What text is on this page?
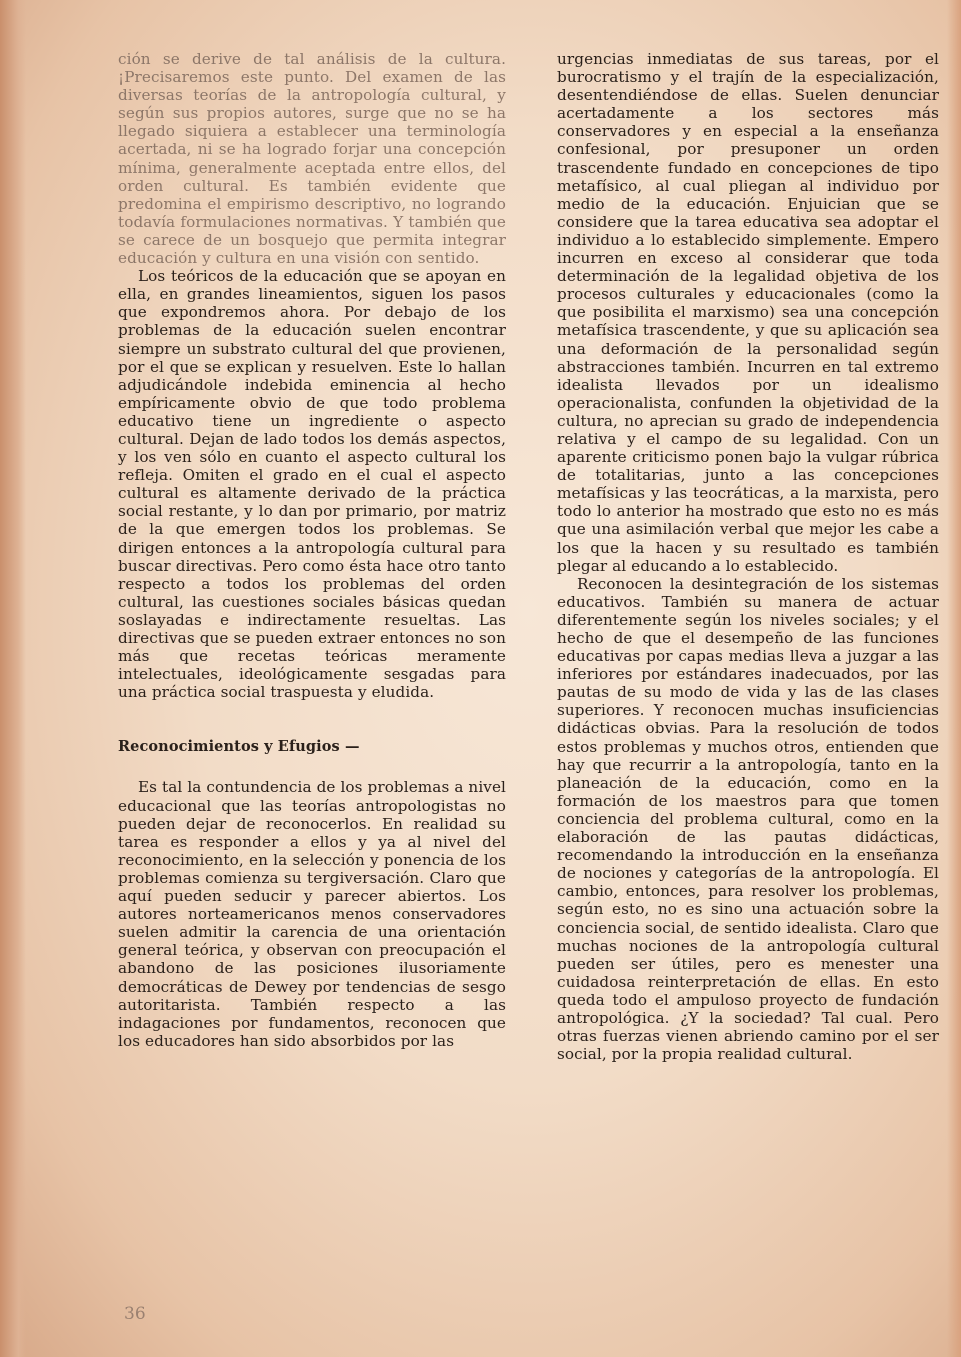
ción se derive de tal análisis de la cultura. ¡Precisaremos este punto. Del examen de las diversas teorías de la antropología cultural, y según sus propios autores, surge que no se ha llegado siquiera a establecer una terminología acertada, ni se ha logrado forjar una concepción mínima, generalmente aceptada entre ellos, del orden cultural. Es también evidente que predomina el empirismo descriptivo, no logrando todavía formulaciones normativas. Y también que se carece de un bosquejo que permita integrar educación y cultura en una visión con sentido.

Los teóricos de la educación que se apoyan en ella, en grandes lineamientos, siguen los pasos que expondremos ahora. Por debajo de los problemas de la educación suelen encontrar siempre un substrato cultural del que provienen, por el que se explican y resuelven. Este lo hallan adjudicándole indebida eminencia al hecho empíricamente obvio de que todo problema educativo tiene un ingrediente o aspecto cultural. Dejan de lado todos los demás aspectos, y los ven sólo en cuanto el aspecto cultural los refleja. Omiten el grado en el cual el aspecto cultural es altamente derivado de la práctica social restante, y lo dan por primario, por matriz de la que emergen todos los problemas. Se dirigen entonces a la antropología cultural para buscar directivas. Pero como ésta hace otro tanto respecto a todos los problemas del orden cultural, las cuestiones sociales básicas quedan soslayadas e indirectamente resueltas. Las directivas que se pueden extraer entonces no son más que recetas teóricas meramente intelectuales, ideológicamente sesgadas para una práctica social traspuesta y eludida.

Reconocimientos y Efugios —

Es tal la contundencia de los problemas a nivel educacional que las teorías antropologistas no pueden dejar de reconocerlos. En realidad su tarea es responder a ellos y ya al nivel del reconocimiento, en la selección y ponencia de los problemas comienza su tergiversación. Claro que aquí pueden seducir y parecer abiertos. Los autores norteamericanos menos conservadores suelen admitir la carencia de una orientación general teórica, y observan con preocupación el abandono de las posiciones ilusoriamente democráticas de Dewey por tendencias de sesgo autoritarista. También respecto a las indagaciones por fundamentos, reconocen que los educadores han sido absorbidos por las

urgencias inmediatas de sus tareas, por el burocratismo y el trajín de la especialización, desentendiéndose de ellas. Suelen denunciar acertadamente a los sectores más conservadores y en especial a la enseñanza confesional, por presuponer un orden trascendente fundado en concepciones de tipo metafísico, al cual pliegan al individuo por medio de la educación. Enjuician que se considere que la tarea educativa sea adoptar el individuo a lo establecido simplemente. Empero incurren en exceso al considerar que toda determinación de la legalidad objetiva de los procesos culturales y educacionales (como la que posibilita el marxismo) sea una concepción metafísica trascendente, y que su aplicación sea una deformación de la personalidad según abstracciones también. Incurren en tal extremo idealista llevados por un idealismo operacionalista, confunden la objetividad de la cultura, no aprecian su grado de independencia relativa y el campo de su legalidad. Con un aparente criticismo ponen bajo la vulgar rúbrica de totalitarias, junto a las concepciones metafísicas y las teocráticas, a la marxista, pero todo lo anterior ha mostrado que esto no es más que una asimilación verbal que mejor les cabe a los que la hacen y su resultado es también plegar al educando a lo establecido.

Reconocen la desintegración de los sistemas educativos. También su manera de actuar diferentemente según los niveles sociales; y el hecho de que el desempeño de las funciones educativas por capas medias lleva a juzgar a las inferiores por estándares inadecuados, por las pautas de su modo de vida y las de las clases superiores. Y reconocen muchas insuficiencias didácticas obvias. Para la resolución de todos estos problemas y muchos otros, entienden que hay que recurrir a la antropología, tanto en la planeación de la educación, como en la formación de los maestros para que tomen conciencia del problema cultural, como en la elaboración de las pautas didácticas, recomendando la introducción en la enseñanza de nociones y categorías de la antropología. El cambio, entonces, para resolver los problemas, según esto, no es sino una actuación sobre la conciencia social, de sentido idealista. Claro que muchas nociones de la antropología cultural pueden ser útiles, pero es menester una cuidadosa reinterpretación de ellas. En esto queda todo el ampuloso proyecto de fundación antropológica. ¿Y la sociedad? Tal cual. Pero otras fuerzas vienen abriendo camino por el ser social, por la propia realidad cultural.

36
